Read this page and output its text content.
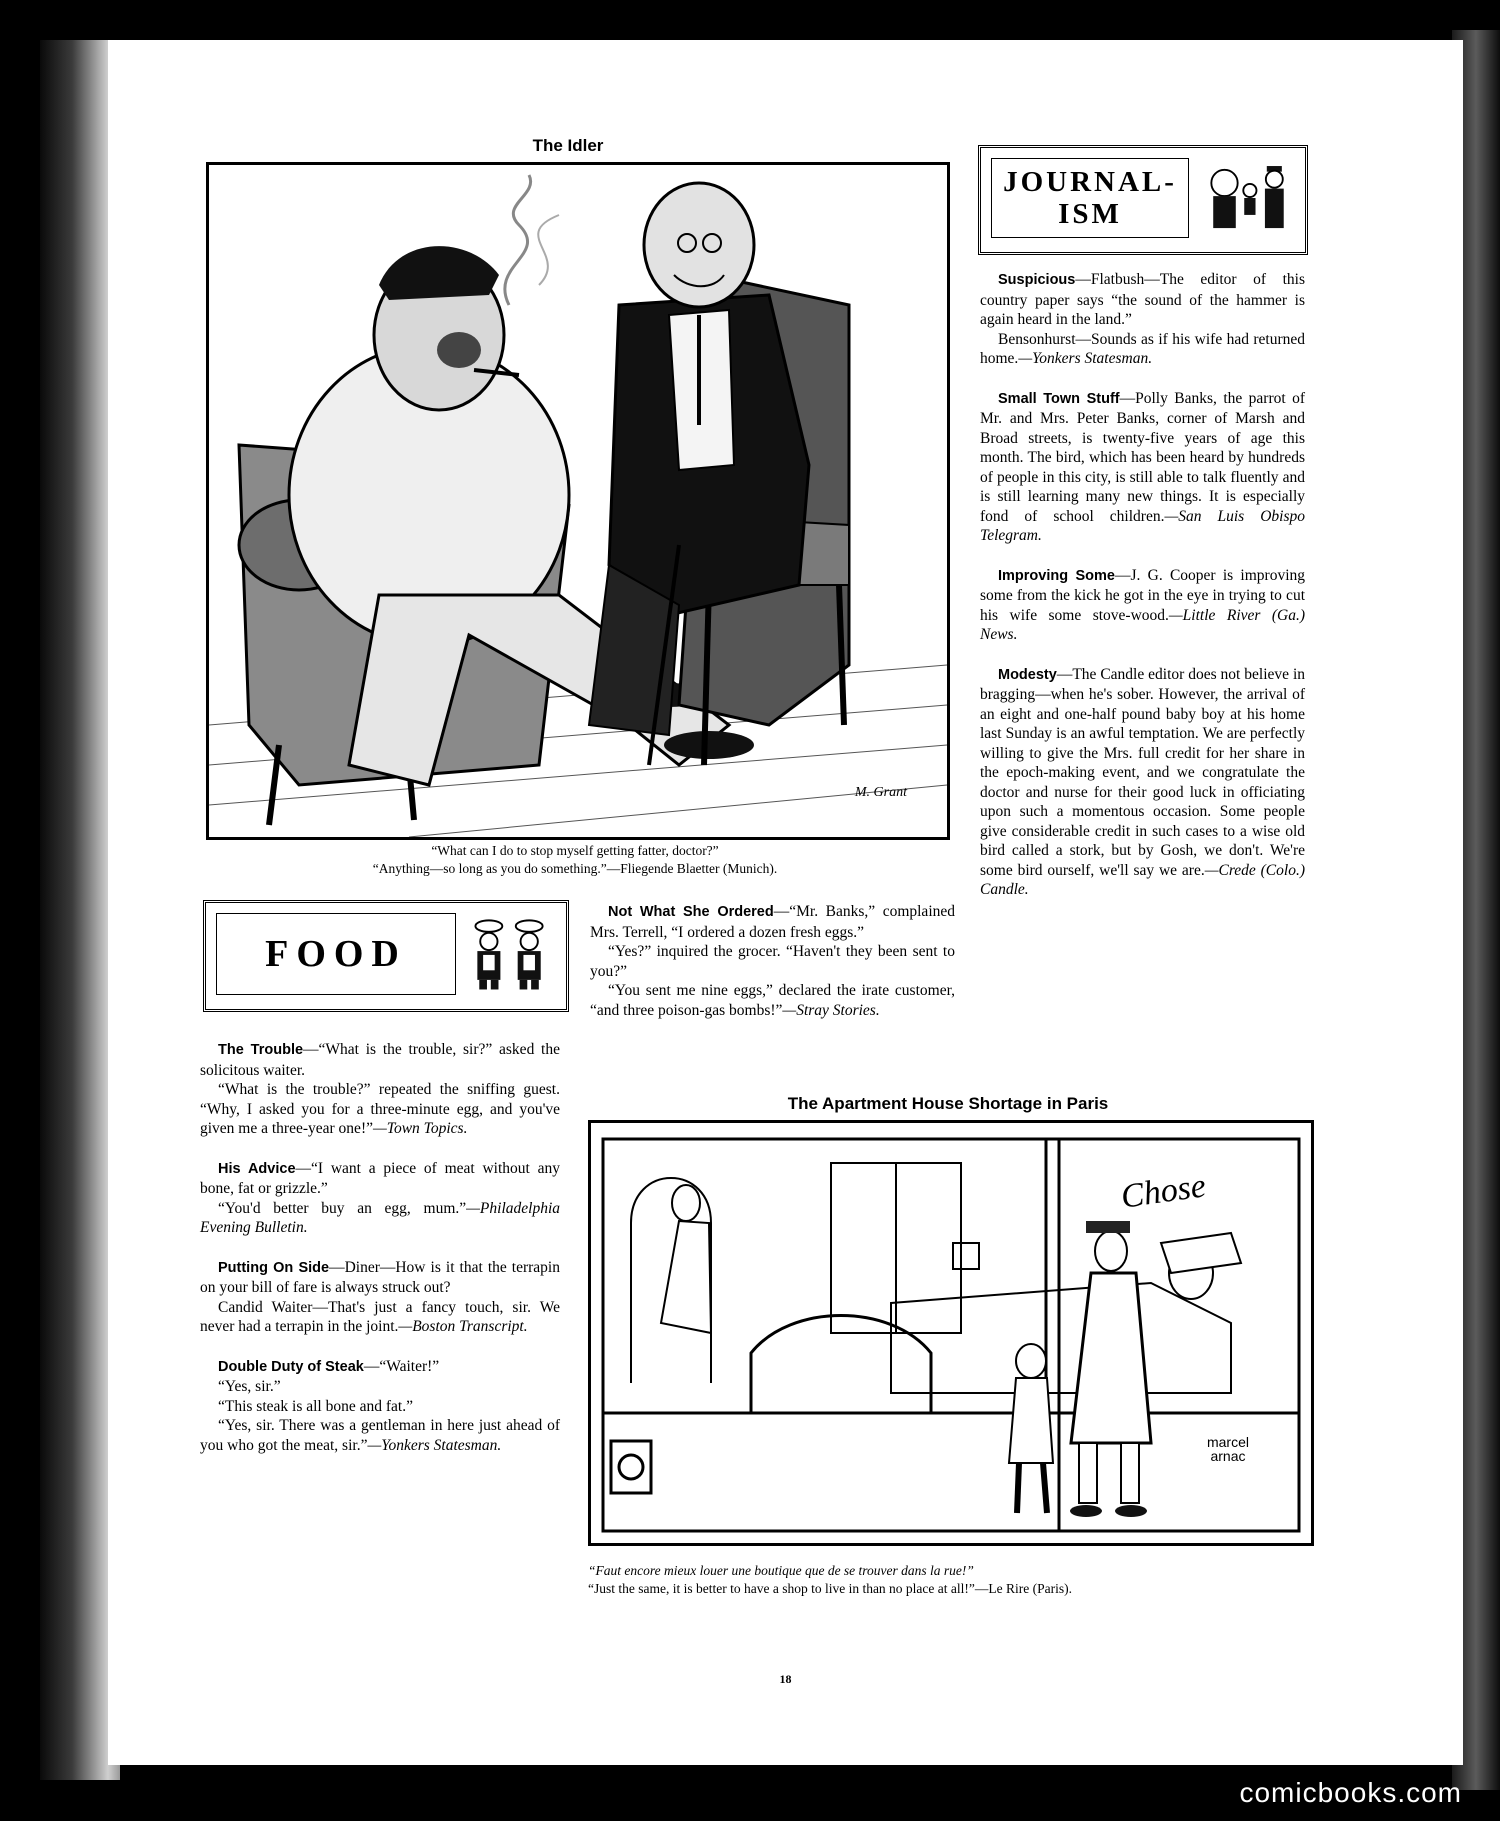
The Idler
M. Grant
“What can I do to stop myself getting fatter, doctor?”
“Anything—so long as you do something.”—Fliegende Blaetter (Munich).
JOURNAL-ISM

Suspicious—Flatbush—The editor of this country paper says “the sound of the hammer is again heard in the land.”

Bensonhurst—Sounds as if his wife had returned home.—Yonkers Statesman.

Small Town Stuff—Polly Banks, the parrot of Mr. and Mrs. Peter Banks, corner of Marsh and Broad streets, is twenty-five years of age this month. The bird, which has been heard by hundreds of people in this city, is still able to talk fluently and is still learning many new things. It is especially fond of school children.—San Luis Obispo Telegram.

Improving Some—J. G. Cooper is improving some from the kick he got in the eye in trying to cut his wife some stove-wood.—Little River (Ga.) News.

Modesty—The Candle editor does not believe in bragging—when he's sober. However, the arrival of an eight and one-half pound baby boy at his home last Sunday is an awful temptation. We are perfectly willing to give the Mrs. full credit for her share in the epoch-making event, and we congratulate the doctor and nurse for their good luck in officiating upon such a momentous occasion. Some people give considerable credit in such cases to a wise old bird called a stork, but by Gosh, we don't. We're some bird ourself, we'll say we are.—Crede (Colo.) Candle.

FOOD

The Trouble—“What is the trouble, sir?” asked the solicitous waiter.

“What is the trouble?” repeated the sniffing guest. “Why, I asked you for a three-minute egg, and you've given me a three-year one!”—Town Topics.

His Advice—“I want a piece of meat without any bone, fat or grizzle.”

“You'd better buy an egg, mum.”—Philadelphia Evening Bulletin.

Putting On Side—Diner—How is it that the terrapin on your bill of fare is always struck out?

Candid Waiter—That's just a fancy touch, sir. We never had a terrapin in the joint.—Boston Transcript.

Double Duty of Steak—“Waiter!”

“Yes, sir.”

“This steak is all bone and fat.”

“Yes, sir. There was a gentleman in here just ahead of you who got the meat, sir.”—Yonkers Statesman.

Not What She Ordered—“Mr. Banks,” complained Mrs. Terrell, “I ordered a dozen fresh eggs.”

“Yes?” inquired the grocer. “Haven't they been sent to you?”

“You sent me nine eggs,” declared the irate customer, “and three poison-gas bombs!”—Stray Stories.

The Apartment House Shortage in Paris
Chose
marcel arnac
“Faut encore mieux louer une boutique que de se trouver dans la rue!”
“Just the same, it is better to have a shop to live in than no place at all!”—Le Rire (Paris).
18
comicbooks.com
